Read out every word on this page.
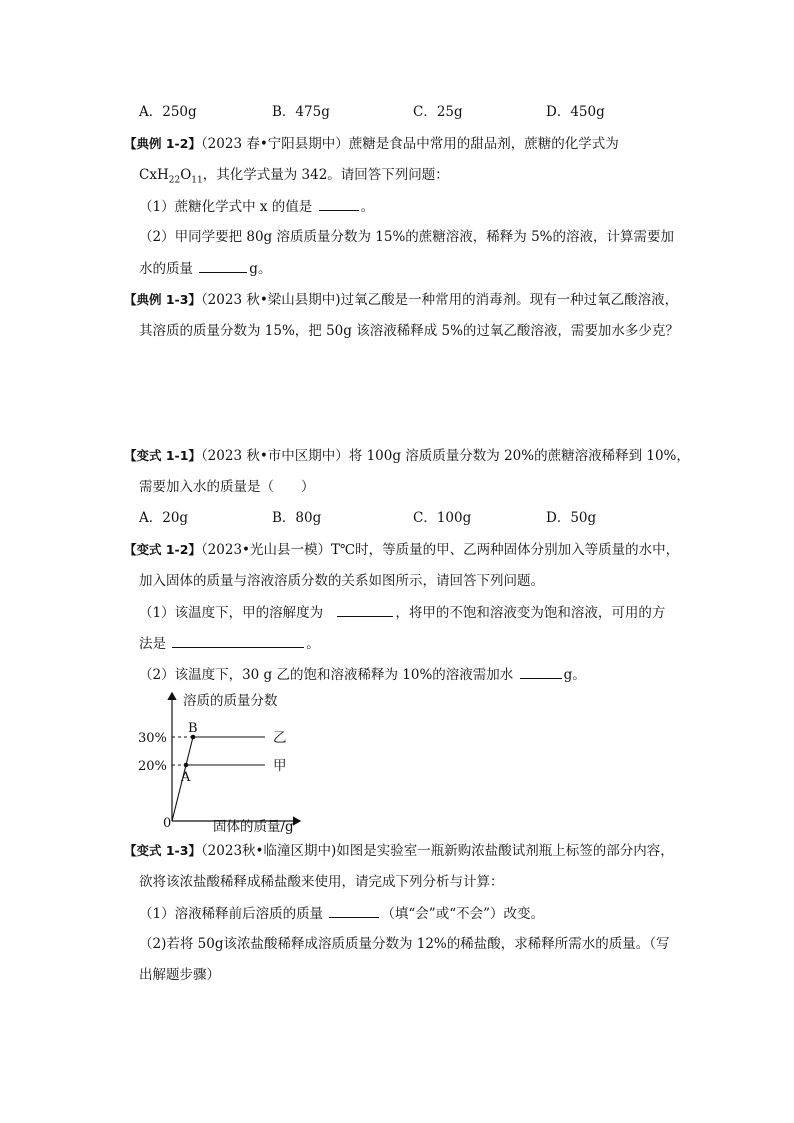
A．250g	B．475g	C．25g	D．450g
【典例 1-2】（2023 春•宁阳县期中）蔗糖是食品中常用的甜品剂，蔗糖的化学式为
$CxH_{22}O_{11}$，其化学式量为 342。请回答下列问题：
（1）蔗糖化学式中 x 的值是	。
（2）甲同学要把 80g 溶质质量分数为 15%的蔗糖溶液，稀释为 5%的溶液，计算需要加
水的质量	g。
【典例 1-3】（2023 秋•梁山县期中)过氧乙酸是一种常用的消毒剂。现有一种过氧乙酸溶液，
其溶质的质量分数为 15%，把 50g 该溶液稀释成 5%的过氧乙酸溶液，需要加水多少克？
【变式 1-1】（2023 秋•市中区期中）将 100g 溶质质量分数为 20%的蔗糖溶液稀释到 10%，
需要加入水的质量是（　　）
A．20g	B．80g	C．100g	D．50g
【变式 1-2】（2023•光山县一模）T℃时，等质量的甲、乙两种固体分别加入等质量的水中，
加入固体的质量与溶液溶质分数的关系如图所示，请回答下列问题。
（1）该温度下，甲的溶解度为	，将甲的不饱和溶液变为饱和溶液，可用的方
法是	。
（2）该温度下，30 g 乙的饱和溶液稀释为 10%的溶液需加水	g。
溶质的质量分数
固体的质量/g
0
30%
B
乙
20%
A
甲
【变式 1-3】（2023秋•临潼区期中)如图是实验室一瓶新购浓盐酸试剂瓶上标签的部分内容，
欲将该浓盐酸稀释成稀盐酸来使用，请完成下列分析与计算：
（1）溶液稀释前后溶质的质量	（填“会”或“不会”）改变。
（2)若将 50g该浓盐酸稀释成溶质质量分数为 12%的稀盐酸，求稀释所需水的质量。（写
出解题步骤）
